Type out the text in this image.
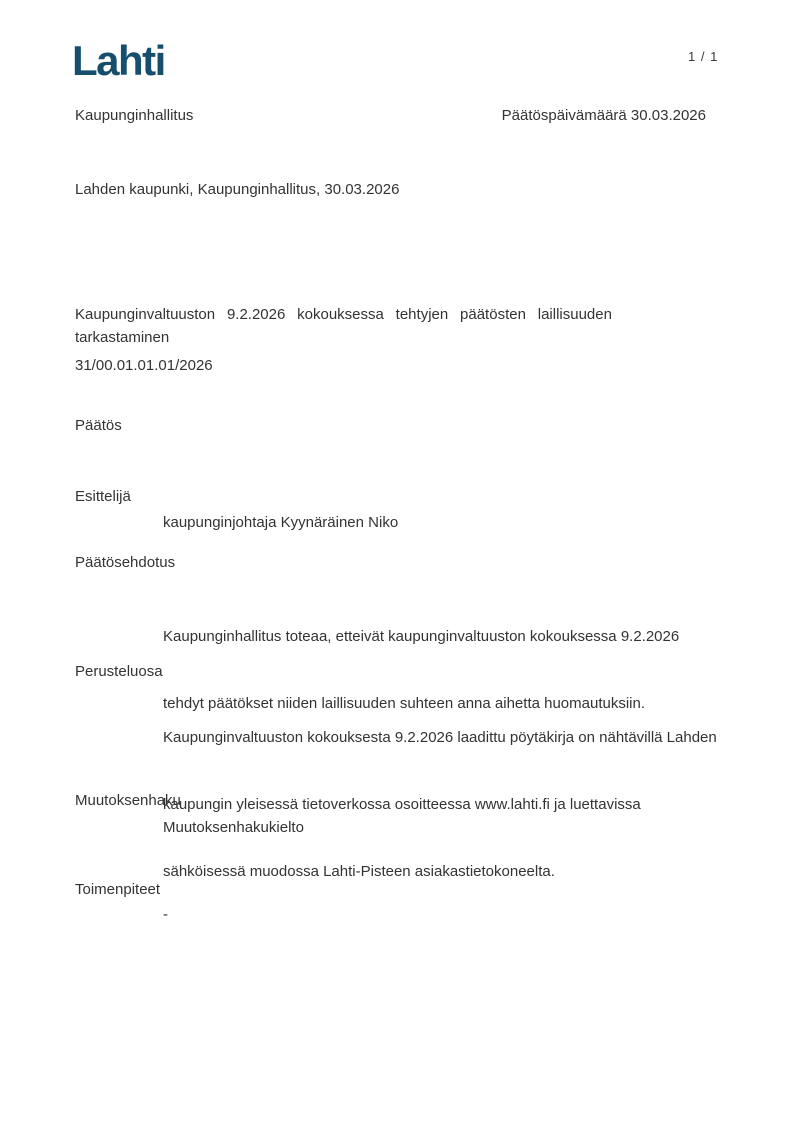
Lahti	1 / 1
Kaupunginhallitus	Päätöspäivämäärä 30.03.2026
Lahden kaupunki, Kaupunginhallitus, 30.03.2026
Kaupunginvaltuuston 9.2.2026 kokouksessa tehtyjen päätösten laillisuuden
tarkastaminen
31/00.01.01.01/2026
Päätös
Esittelijä
kaupunginjohtaja Kyynäräinen Niko
Päätösehdotus

Kaupunginhallitus toteaa, etteivät kaupunginvaltuuston kokouksessa 9.2.2026

tehdyt päätökset niiden laillisuuden suhteen anna aihetta huomautuksiin.

Perusteluosa

Kaupunginvaltuuston kokouksesta 9.2.2026 laadittu pöytäkirja on nähtävillä Lahden

kaupungin yleisessä tietoverkossa osoitteessa www.lahti.fi ja luettavissa

sähköisessä muodossa Lahti-Pisteen asiakastietokoneelta.

Muutoksenhaku
Muutoksenhakukielto
Toimenpiteet
-
